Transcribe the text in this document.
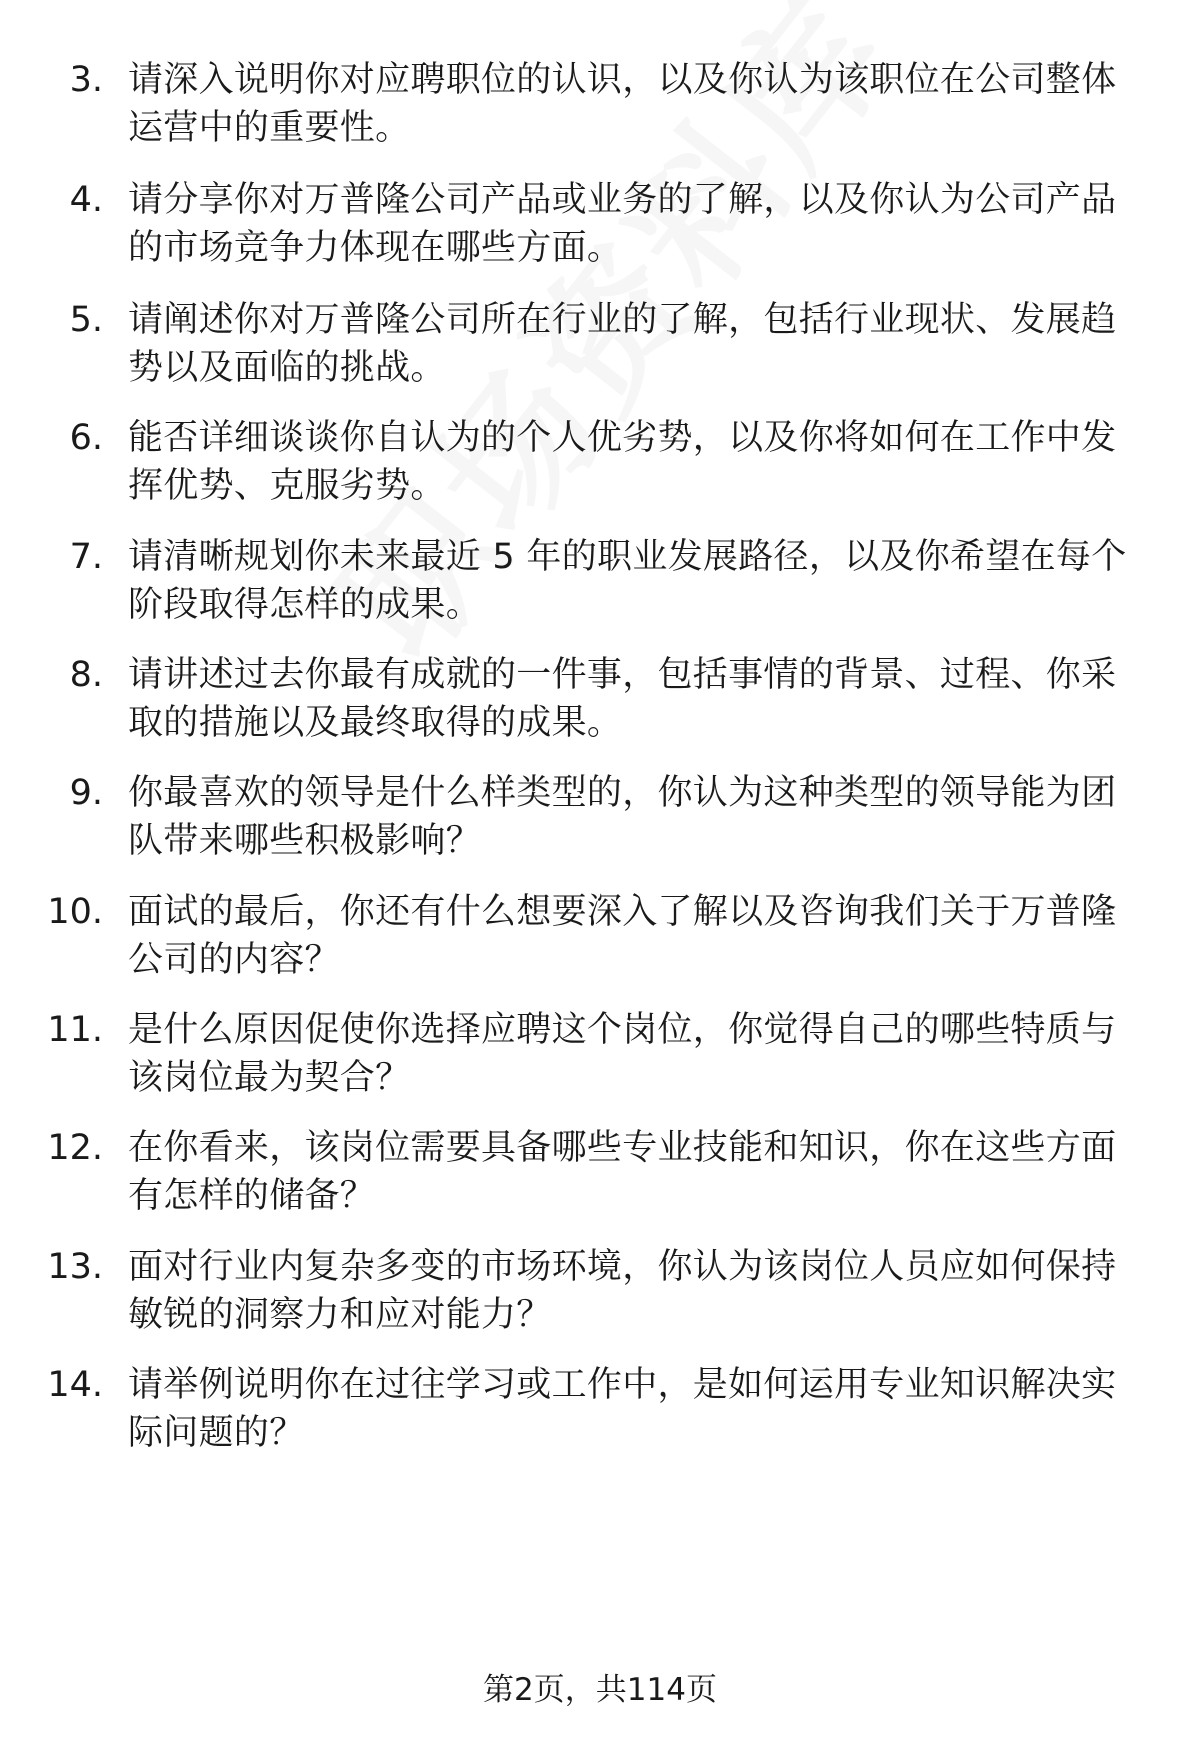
3. 请深入说明你对应聘职位的认识，以及你认为该职位在公司整体运营中的重要性。
4. 请分享你对万普隆公司产品或业务的了解，以及你认为公司产品的市场竞争力体现在哪些方面。
5. 请阐述你对万普隆公司所在行业的了解，包括行业现状、发展趋势以及面临的挑战。
6. 能否详细谈谈你自认为的个人优劣势，以及你将如何在工作中发挥优势、克服劣势。
7. 请清晰规划你未来最近 5 年的职业发展路径，以及你希望在每个阶段取得怎样的成果。
8. 请讲述过去你最有成就的一件事，包括事情的背景、过程、你采取的措施以及最终取得的成果。
9. 你最喜欢的领导是什么样类型的，你认为这种类型的领导能为团队带来哪些积极影响？
10. 面试的最后，你还有什么想要深入了解以及咨询我们关于万普隆公司的内容？
11. 是什么原因促使你选择应聘这个岗位，你觉得自己的哪些特质与该岗位最为契合？
12. 在你看来，该岗位需要具备哪些专业技能和知识，你在这些方面有怎样的储备？
13. 面对行业内复杂多变的市场环境，你认为该岗位人员应如何保持敏锐的洞察力和应对能力？
14. 请举例说明你在过往学习或工作中，是如何运用专业知识解决实际问题的？
第2页，共114页
